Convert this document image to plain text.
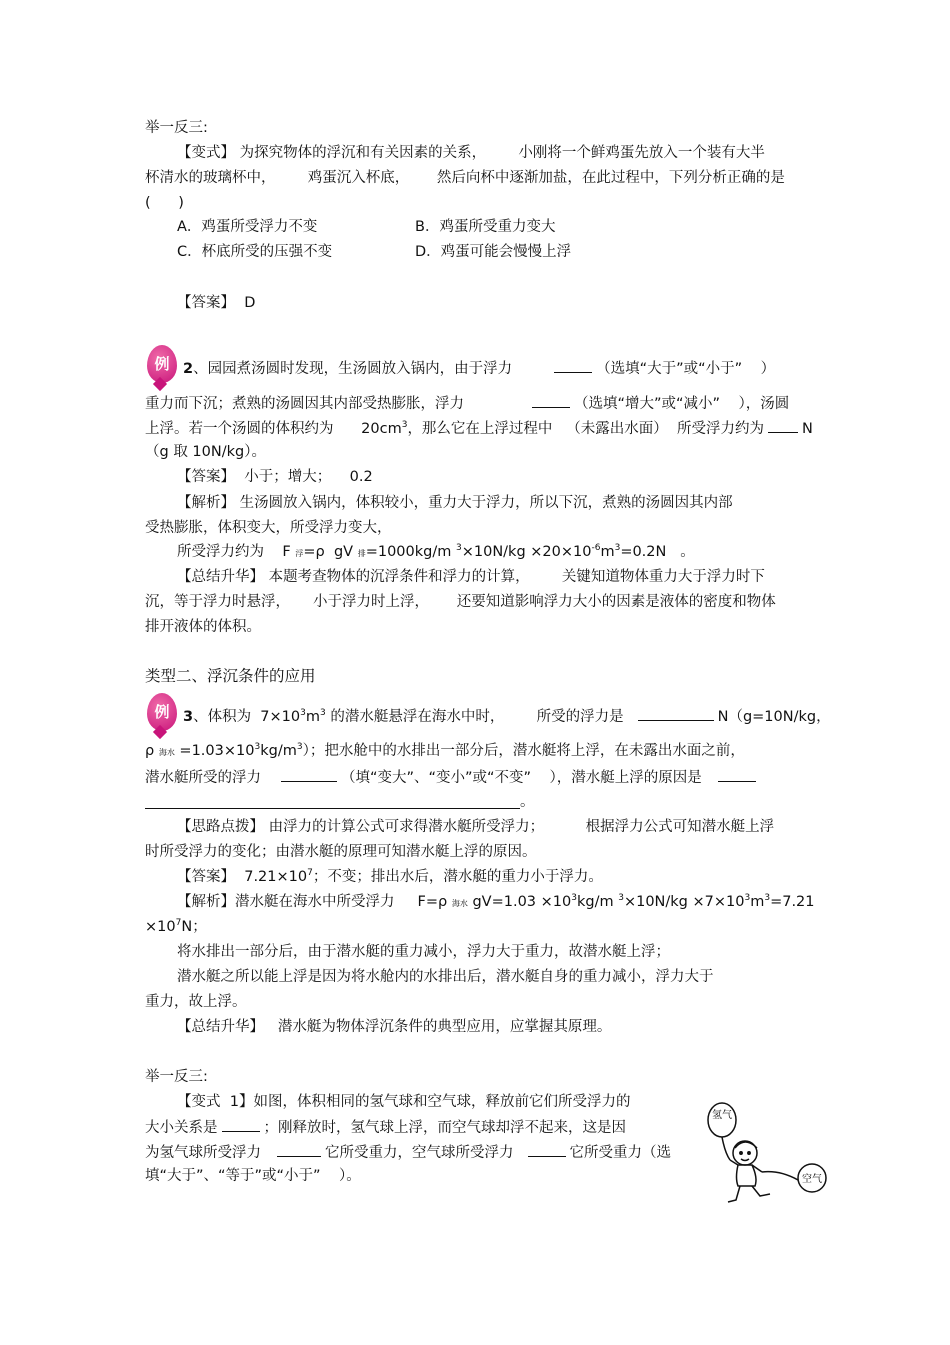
举一反三:
【变式】 为探究物体的浮沉和有关因素的关系，       小刚将一个鲜鸡蛋先放入一个装有大半
杯清水的玻璃杯中，       鸡蛋沉入杯底，      然后向杯中逐渐加盐，在此过程中，下列分析正确的是
(      )
A．鸡蛋所受浮力不变	B．鸡蛋所受重力变大
C．杯底所受的压强不变	D．鸡蛋可能会慢慢上浮
【答案】  D
例 2、园园煮汤圆时发现，生汤圆放入锅内，由于浮力	（选填“大于”或“小于”    ）
重力而下沉；煮熟的汤圆因其内部受热膨胀，浮力	（选填“增大”或“减小”    ），汤圆
上浮。若一个汤圆的体积约为      $20cm^3$，那么它在上浮过程中   （未露出水面）  所受浮力约为	N
（g 取 10N/kg）。
【答案】  小于；增大；    0.2
【解析】 生汤圆放入锅内，体积较小，重力大于浮力，所以下沉，煮熟的汤圆因其内部
受热膨胀，体积变大，所受浮力变大，
所受浮力约为    F 浮=ρ  gV 排=1000kg/m $^3\times 10N/kg \times 20\times 10^{-6}m^3=0.2N$   。
【总结升华】 本题考查物体的沉浮条件和浮力的计算，       关键知道物体重力大于浮力时下
沉，等于浮力时悬浮，     小于浮力时上浮，      还要知道影响浮力大小的因素是液体的密度和物体
排开液体的体积。
类型二、浮沉条件的应用
例 3、体积为  $7\times 10^3m^3$ 的潜水艇悬浮在海水中时，       所受的浮力是	N（g=10N/kg，
ρ 海水 $=1.03\times 10^3kg/m^3$）；把水舱中的水排出一部分后，潜水艇将上浮，在未露出水面之前，
潜水艇所受的浮力	（填“变大”、“变小”或“不变”    ），潜水艇上浮的原因是
。
【思路点拨】 由浮力的计算公式可求得潜水艇所受浮力；         根据浮力公式可知潜水艇上浮
时所受浮力的变化；由潜水艇的原理可知潜水艇上浮的原因。
【答案】  $7.21\times 10^7$；不变；排出水后，潜水艇的重力小于浮力。
【解析】潜水艇在海水中所受浮力     F=ρ 海水 $gV=1.03 \times 10^3kg/m$ $^3\times 10N/kg \times 7\times 10^3m^3=7.21$
$\times 10^7N$；
将水排出一部分后，由于潜水艇的重力减小，浮力大于重力，故潜水艇上浮；
潜水艇之所以能上浮是因为将水舱内的水排出后，潜水艇自身的重力减小，浮力大于
重力，故上浮。
【总结升华】   潜水艇为物体浮沉条件的典型应用，应掌握其原理。
举一反三:
【变式  1】如图，体积相同的氢气球和空气球，释放前它们所受浮力的
大小关系是	；刚释放时，氢气球上浮，而空气球却浮不起来，这是因
为氢气球所受浮力	它所受重力，空气球所受浮力	它所受重力（选
填“大于”、“等于”或“小于”    ）。
氢气
空气
